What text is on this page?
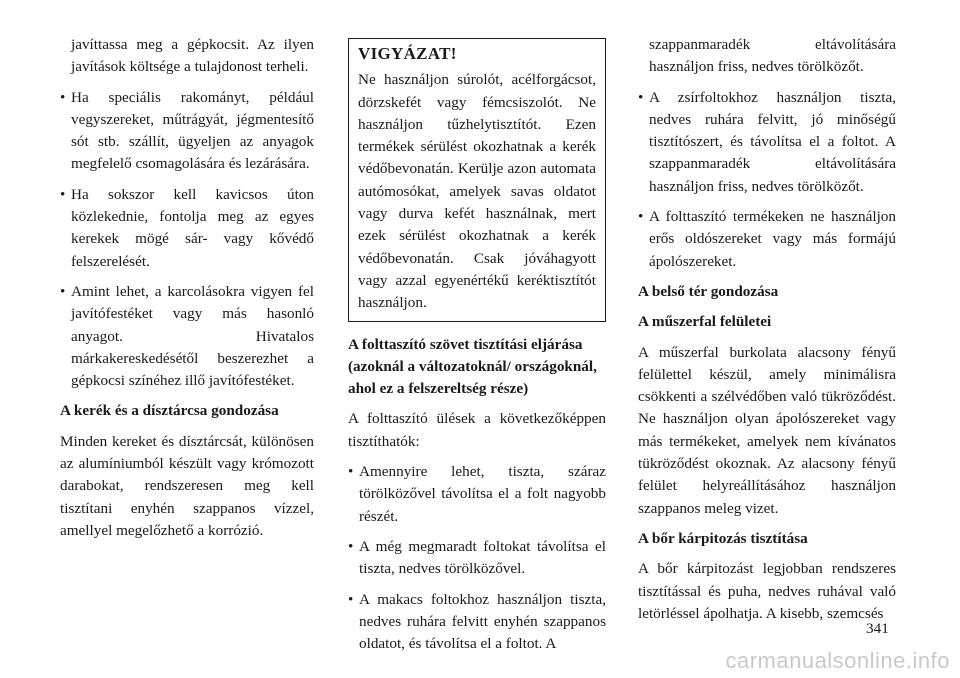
javíttassa meg a gépkocsit. Az ilyen javítások költsége a tulajdonost terheli.

• Ha speciális rakományt, például vegyszereket, műtrágyát, jégmentesítő sót stb. szállít, ügyeljen az anyagok megfelelő csomagolására és lezárására.

• Ha sokszor kell kavicsos úton közlekednie, fontolja meg az egyes kerekek mögé sár- vagy kővédő felszerelését.

• Amint lehet, a karcolásokra vigyen fel javítófestéket vagy más hasonló anyagot. Hivatalos márkakereskedésétől beszerezhet a gépkocsi színéhez illő javítófestéket.

A kerék és a dísztárcsa gondozása

Minden kereket és dísztárcsát, különösen az alumíniumból készült vagy krómozott darabokat, rendszeresen meg kell tisztítani enyhén szappanos vízzel, amellyel megelőzhető a korrózió.

VIGYÁZAT!

Ne használjon súrolót, acélforgácsot, dörzskefét vagy fémcsiszolót. Ne használjon tűzhelytisztítót. Ezen termékek sérülést okozhatnak a kerék védőbevonatán. Kerülje azon automata autómosókat, amelyek savas oldatot vagy durva kefét használnak, mert ezek sérülést okozhatnak a kerék védőbevonatán. Csak jóváhagyott vagy azzal egyenértékű keréktisztítót használjon.

A folttaszító szövet tisztítási eljárása (azoknál a változatoknál/ országoknál, ahol ez a felszereltség része)

A folttaszító ülések a következőképpen tisztíthatók:

• Amennyire lehet, tiszta, száraz törölközővel távolítsa el a folt nagyobb részét.

• A még megmaradt foltokat távolítsa el tiszta, nedves törölközővel.

• A makacs foltokhoz használjon tiszta, nedves ruhára felvitt enyhén szappanos oldatot, és távolítsa el a foltot. A

szappanmaradék eltávolítására használjon friss, nedves törölközőt.

• A zsírfoltokhoz használjon tiszta, nedves ruhára felvitt, jó minőségű tisztítószert, és távolítsa el a foltot. A szappanmaradék eltávolítására használjon friss, nedves törölközőt.

• A folttaszító termékeken ne használjon erős oldószereket vagy más formájú ápolószereket.

A belső tér gondozása

A műszerfal felületei

A műszerfal burkolata alacsony fényű felülettel készül, amely minimálisra csökkenti a szélvédőben való tükröződést. Ne használjon olyan ápolószereket vagy más termékeket, amelyek nem kívánatos tükröződést okoznak. Az alacsony fényű felület helyreállításához használjon szappanos meleg vizet.

A bőr kárpitozás tisztítása

A bőr kárpitozást legjobban rendszeres tisztítással és puha, nedves ruhával való letörléssel ápolhatja. A kisebb, szemcsés

341
carmanualsonline.info
